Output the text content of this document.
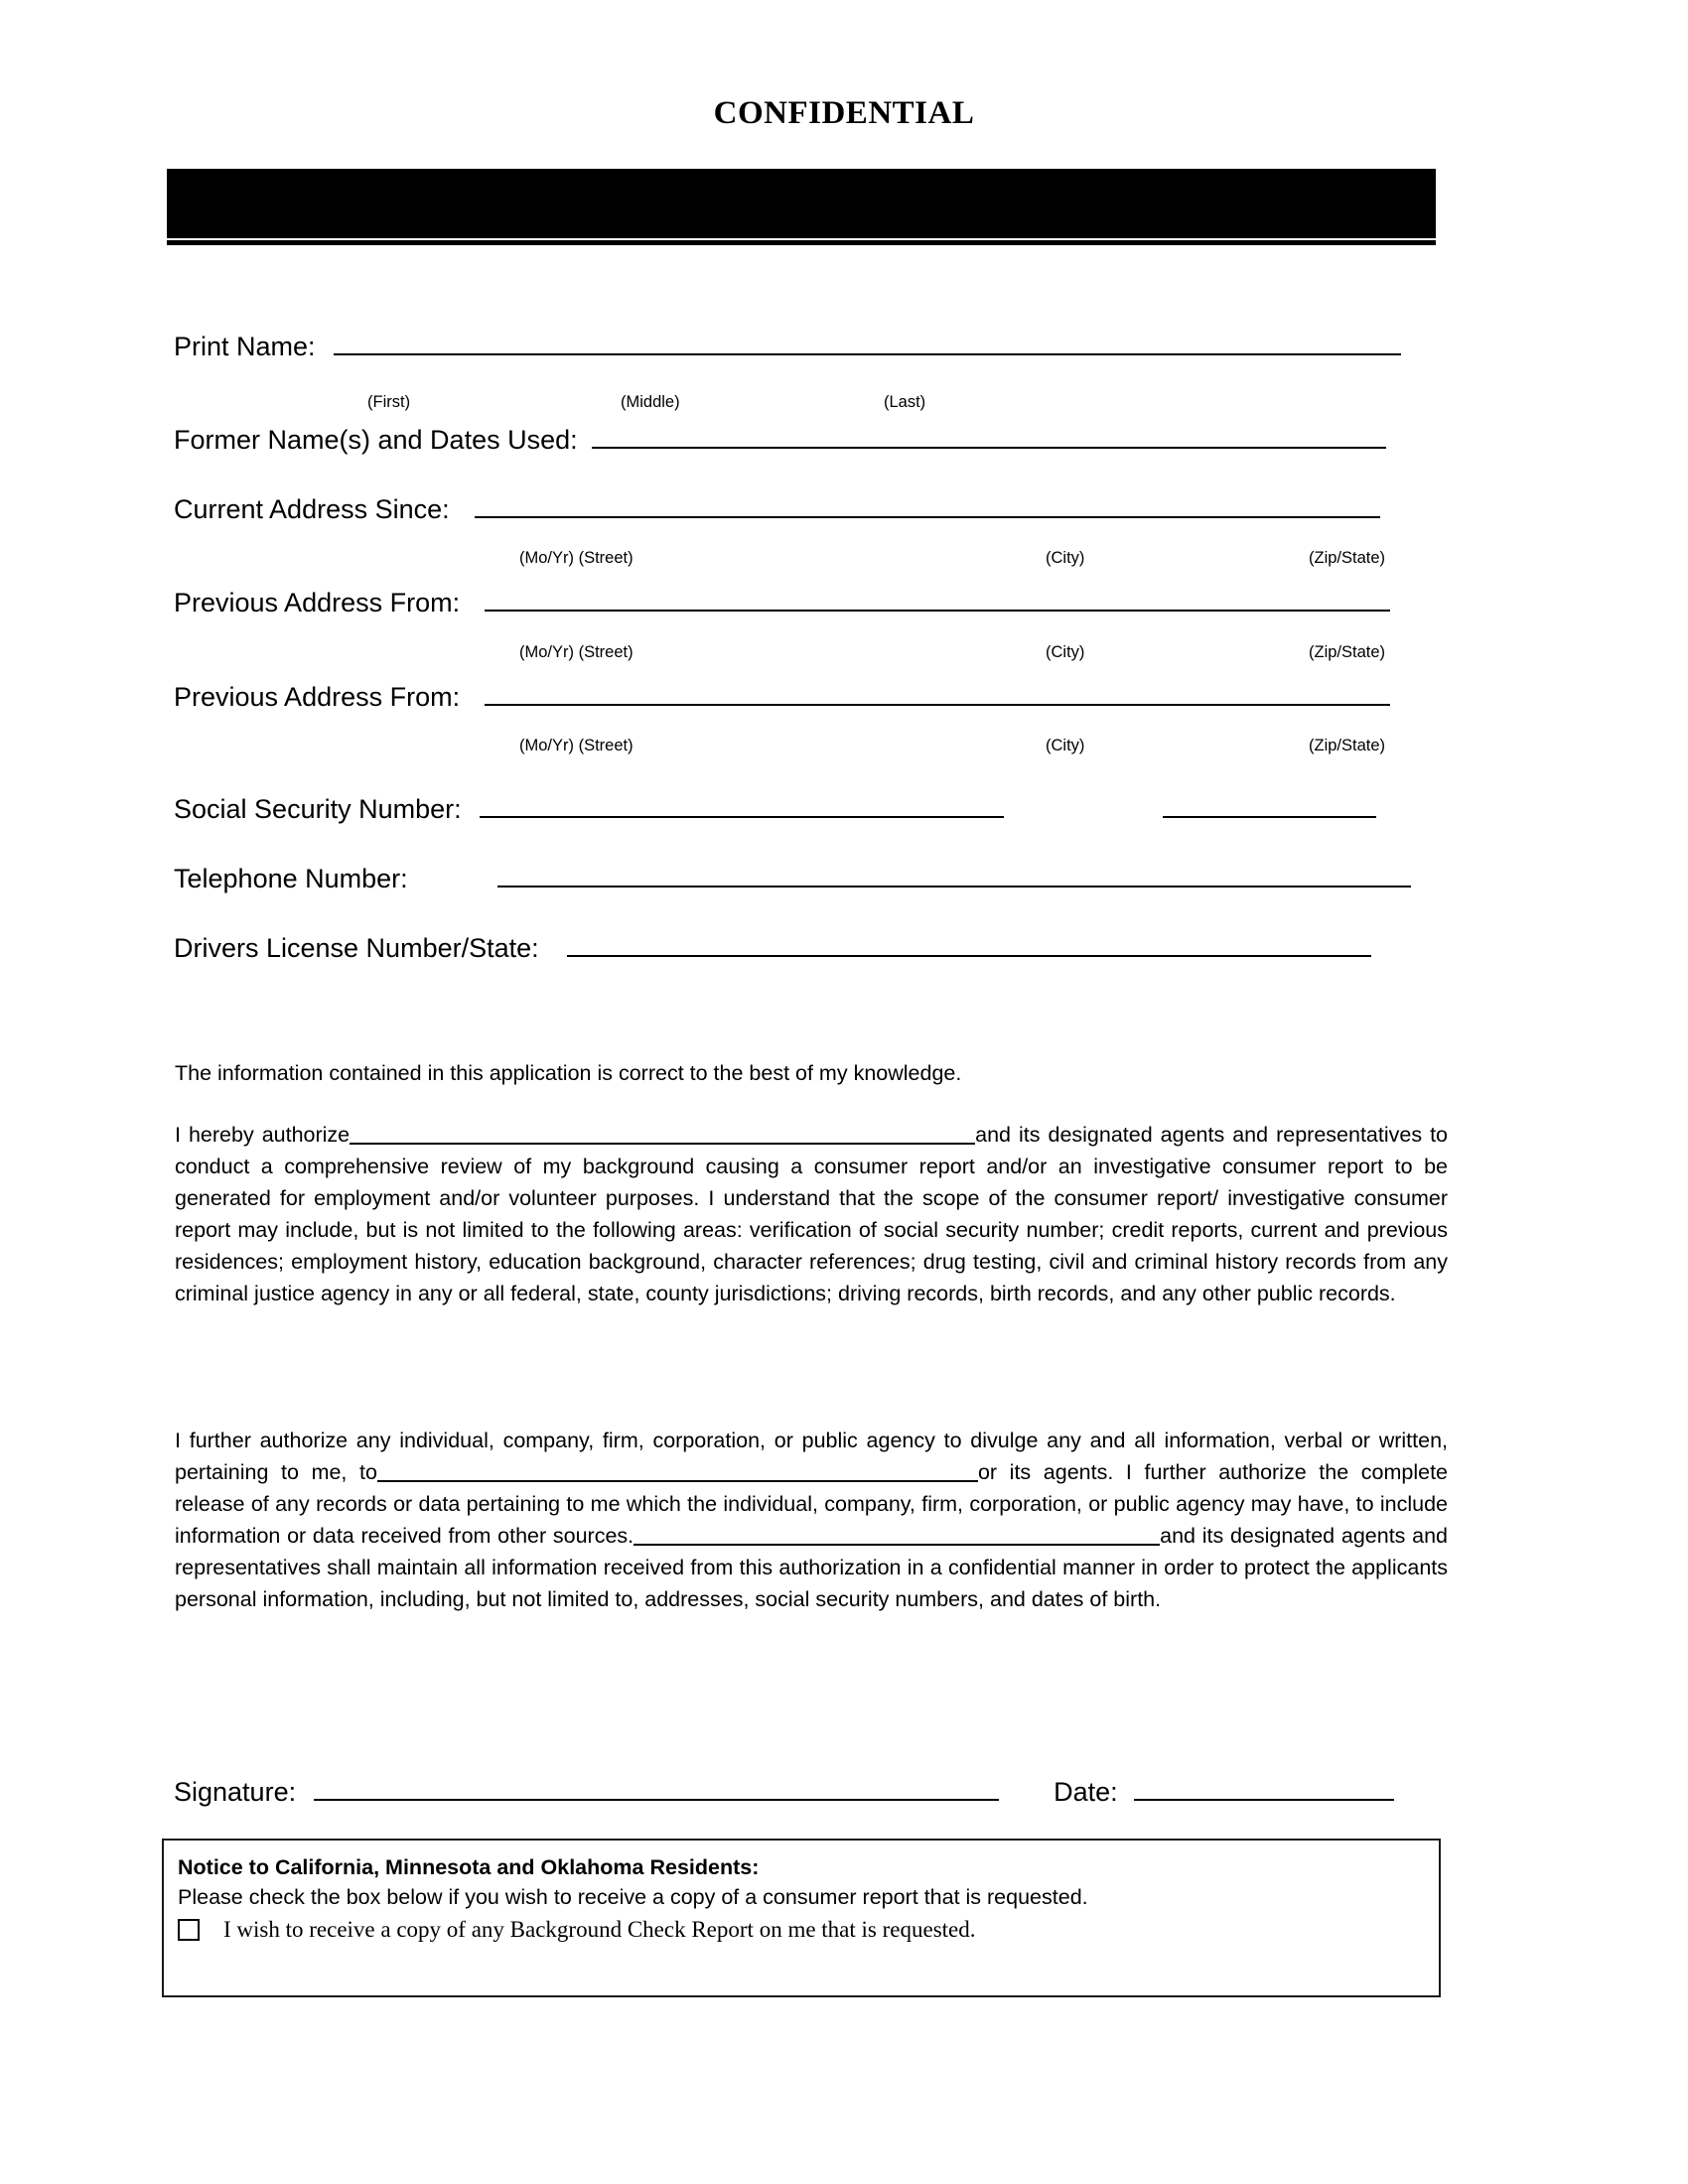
CONFIDENTIAL
Print Name:
(First)	(Middle)	(Last)
Former Name(s) and Dates Used:
Current Address Since:
(Mo/Yr) (Street)	(City)	(Zip/State)
Previous Address From:
(Mo/Yr) (Street)	(City)	(Zip/State)
Previous Address From:
(Mo/Yr) (Street)	(City)	(Zip/State)
Social Security Number:
Telephone Number:
Drivers License Number/State:
The information contained in this application is correct to the best of my knowledge.
I hereby authorize	and its designated agents and representatives to conduct a comprehensive review of my background causing a consumer report and/or an investigative consumer report to be generated for employment and/or volunteer purposes. I understand that the scope of the consumer report/ investigative consumer report may include, but is not limited to the following areas: verification of social security number; credit reports, current and previous residences; employment history, education background, character references; drug testing, civil and criminal history records from any criminal justice agency in any or all federal, state, county jurisdictions; driving records, birth records, and any other public records.
I further authorize any individual, company, firm, corporation, or public agency to divulge any and all information, verbal or written, pertaining to me, to	or its agents. I further authorize the complete release of any records or data pertaining to me which the individual, company, firm, corporation, or public agency may have, to include information or data received from other sources.	and its designated agents and representatives shall maintain all information received from this authorization in a confidential manner in order to protect the applicants personal information, including, but not limited to, addresses, social security numbers, and dates of birth.
Signature:	Date:
Notice to California, Minnesota and Oklahoma Residents:
Please check the box below if you wish to receive a copy of a consumer report that is requested.
I wish to receive a copy of any Background Check Report on me that is requested.
